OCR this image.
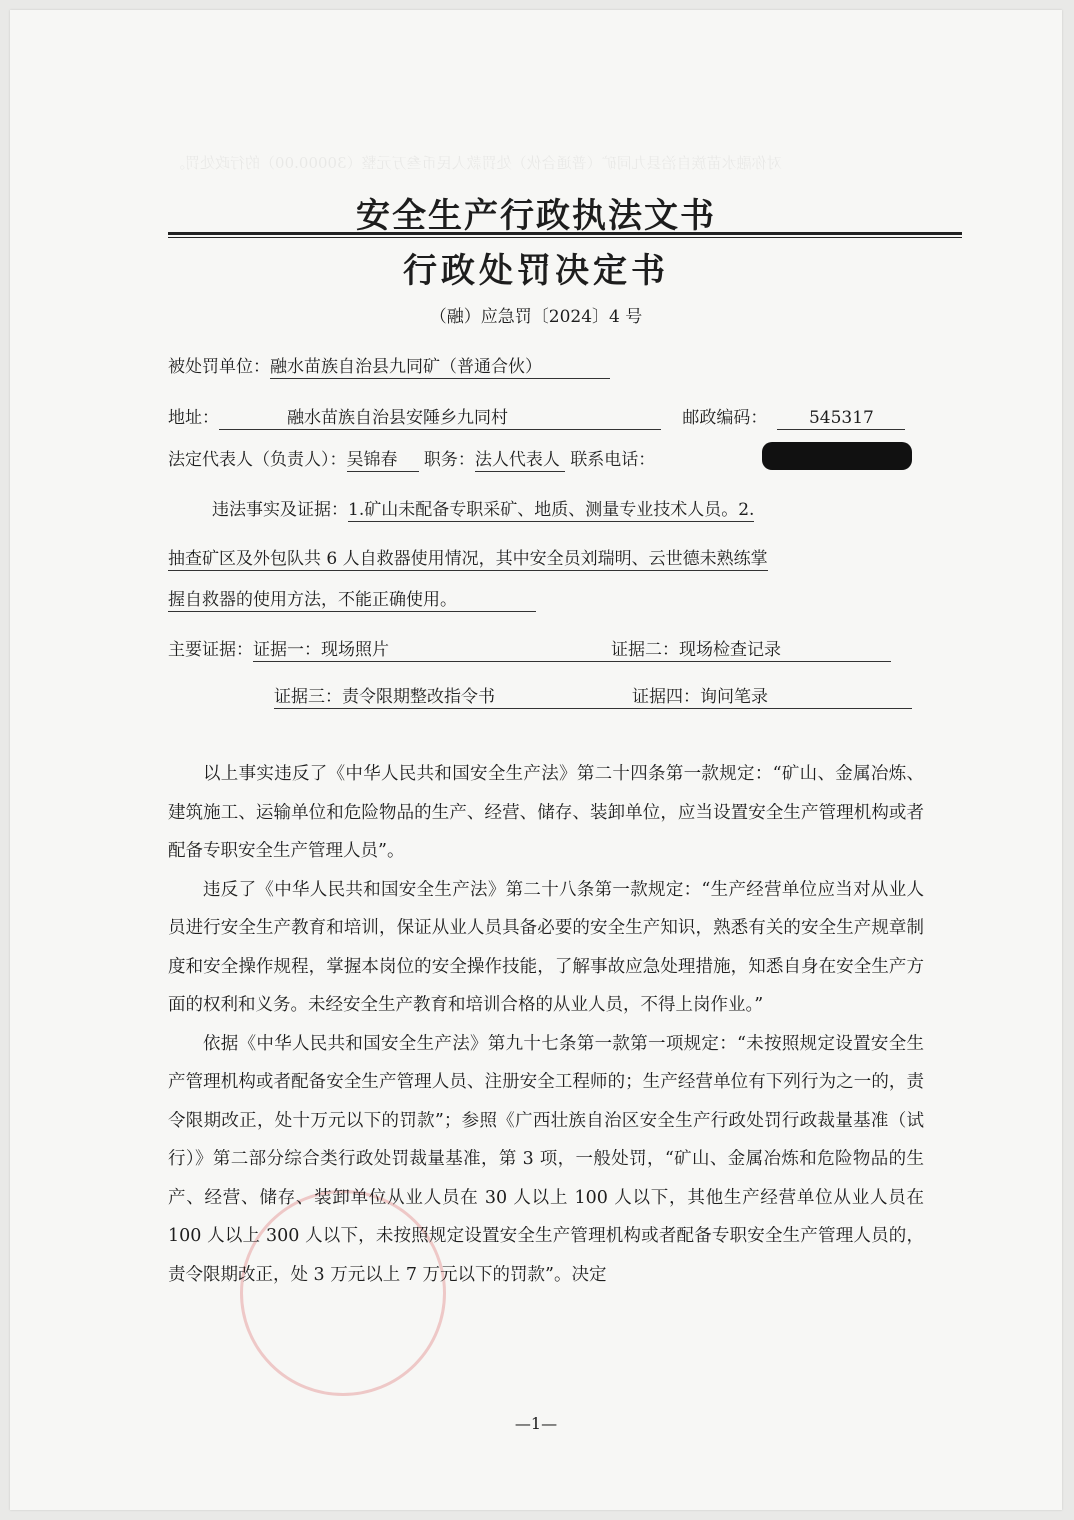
对你融水苗族自治县九同矿（普通合伙）处罚款人民币叁万元整（30000.00）的行政处罚。
安全生产行政执法文书
行政处罚决定书
（融）应急罚〔2024〕4 号
被处罚单位：融水苗族自治县九同矿（普通合伙）
地址：	融水苗族自治县安陲乡九同村	邮政编码： 545317
法定代表人（负责人）：吴锦春 职务：法人代表人 联系电话：
违法事实及证据：1.矿山未配备专职采矿、地质、测量专业技术人员。2.
抽查矿区及外包队共 6 人自救器使用情况，其中安全员刘瑞明、云世德未熟练掌
握自救器的使用方法，不能正确使用。
主要证据：证据一：现场照片	证据二：现场检查记录
证据三：责令限期整改指令书	证据四：询问笔录

以上事实违反了《中华人民共和国安全生产法》第二十四条第一款规定：“矿山、金属冶炼、建筑施工、运输单位和危险物品的生产、经营、储存、装卸单位，应当设置安全生产管理机构或者配备专职安全生产管理人员”。

违反了《中华人民共和国安全生产法》第二十八条第一款规定：“生产经营单位应当对从业人员进行安全生产教育和培训，保证从业人员具备必要的安全生产知识，熟悉有关的安全生产规章制度和安全操作规程，掌握本岗位的安全操作技能，了解事故应急处理措施，知悉自身在安全生产方面的权利和义务。未经安全生产教育和培训合格的从业人员，不得上岗作业。”

依据《中华人民共和国安全生产法》第九十七条第一款第一项规定：“未按照规定设置安全生产管理机构或者配备安全生产管理人员、注册安全工程师的；生产经营单位有下列行为之一的，责令限期改正，处十万元以下的罚款”；参照《广西壮族自治区安全生产行政处罚行政裁量基准（试行）》第二部分综合类行政处罚裁量基准，第 3 项，一般处罚，“矿山、金属冶炼和危险物品的生产、经营、储存、装卸单位从业人员在 30 人以上 100 人以下，其他生产经营单位从业人员在 100 人以上 300 人以下，未按照规定设置安全生产管理机构或者配备专职安全生产管理人员的，责令限期改正，处 3 万元以上 7 万元以下的罚款”。决定

—1—
